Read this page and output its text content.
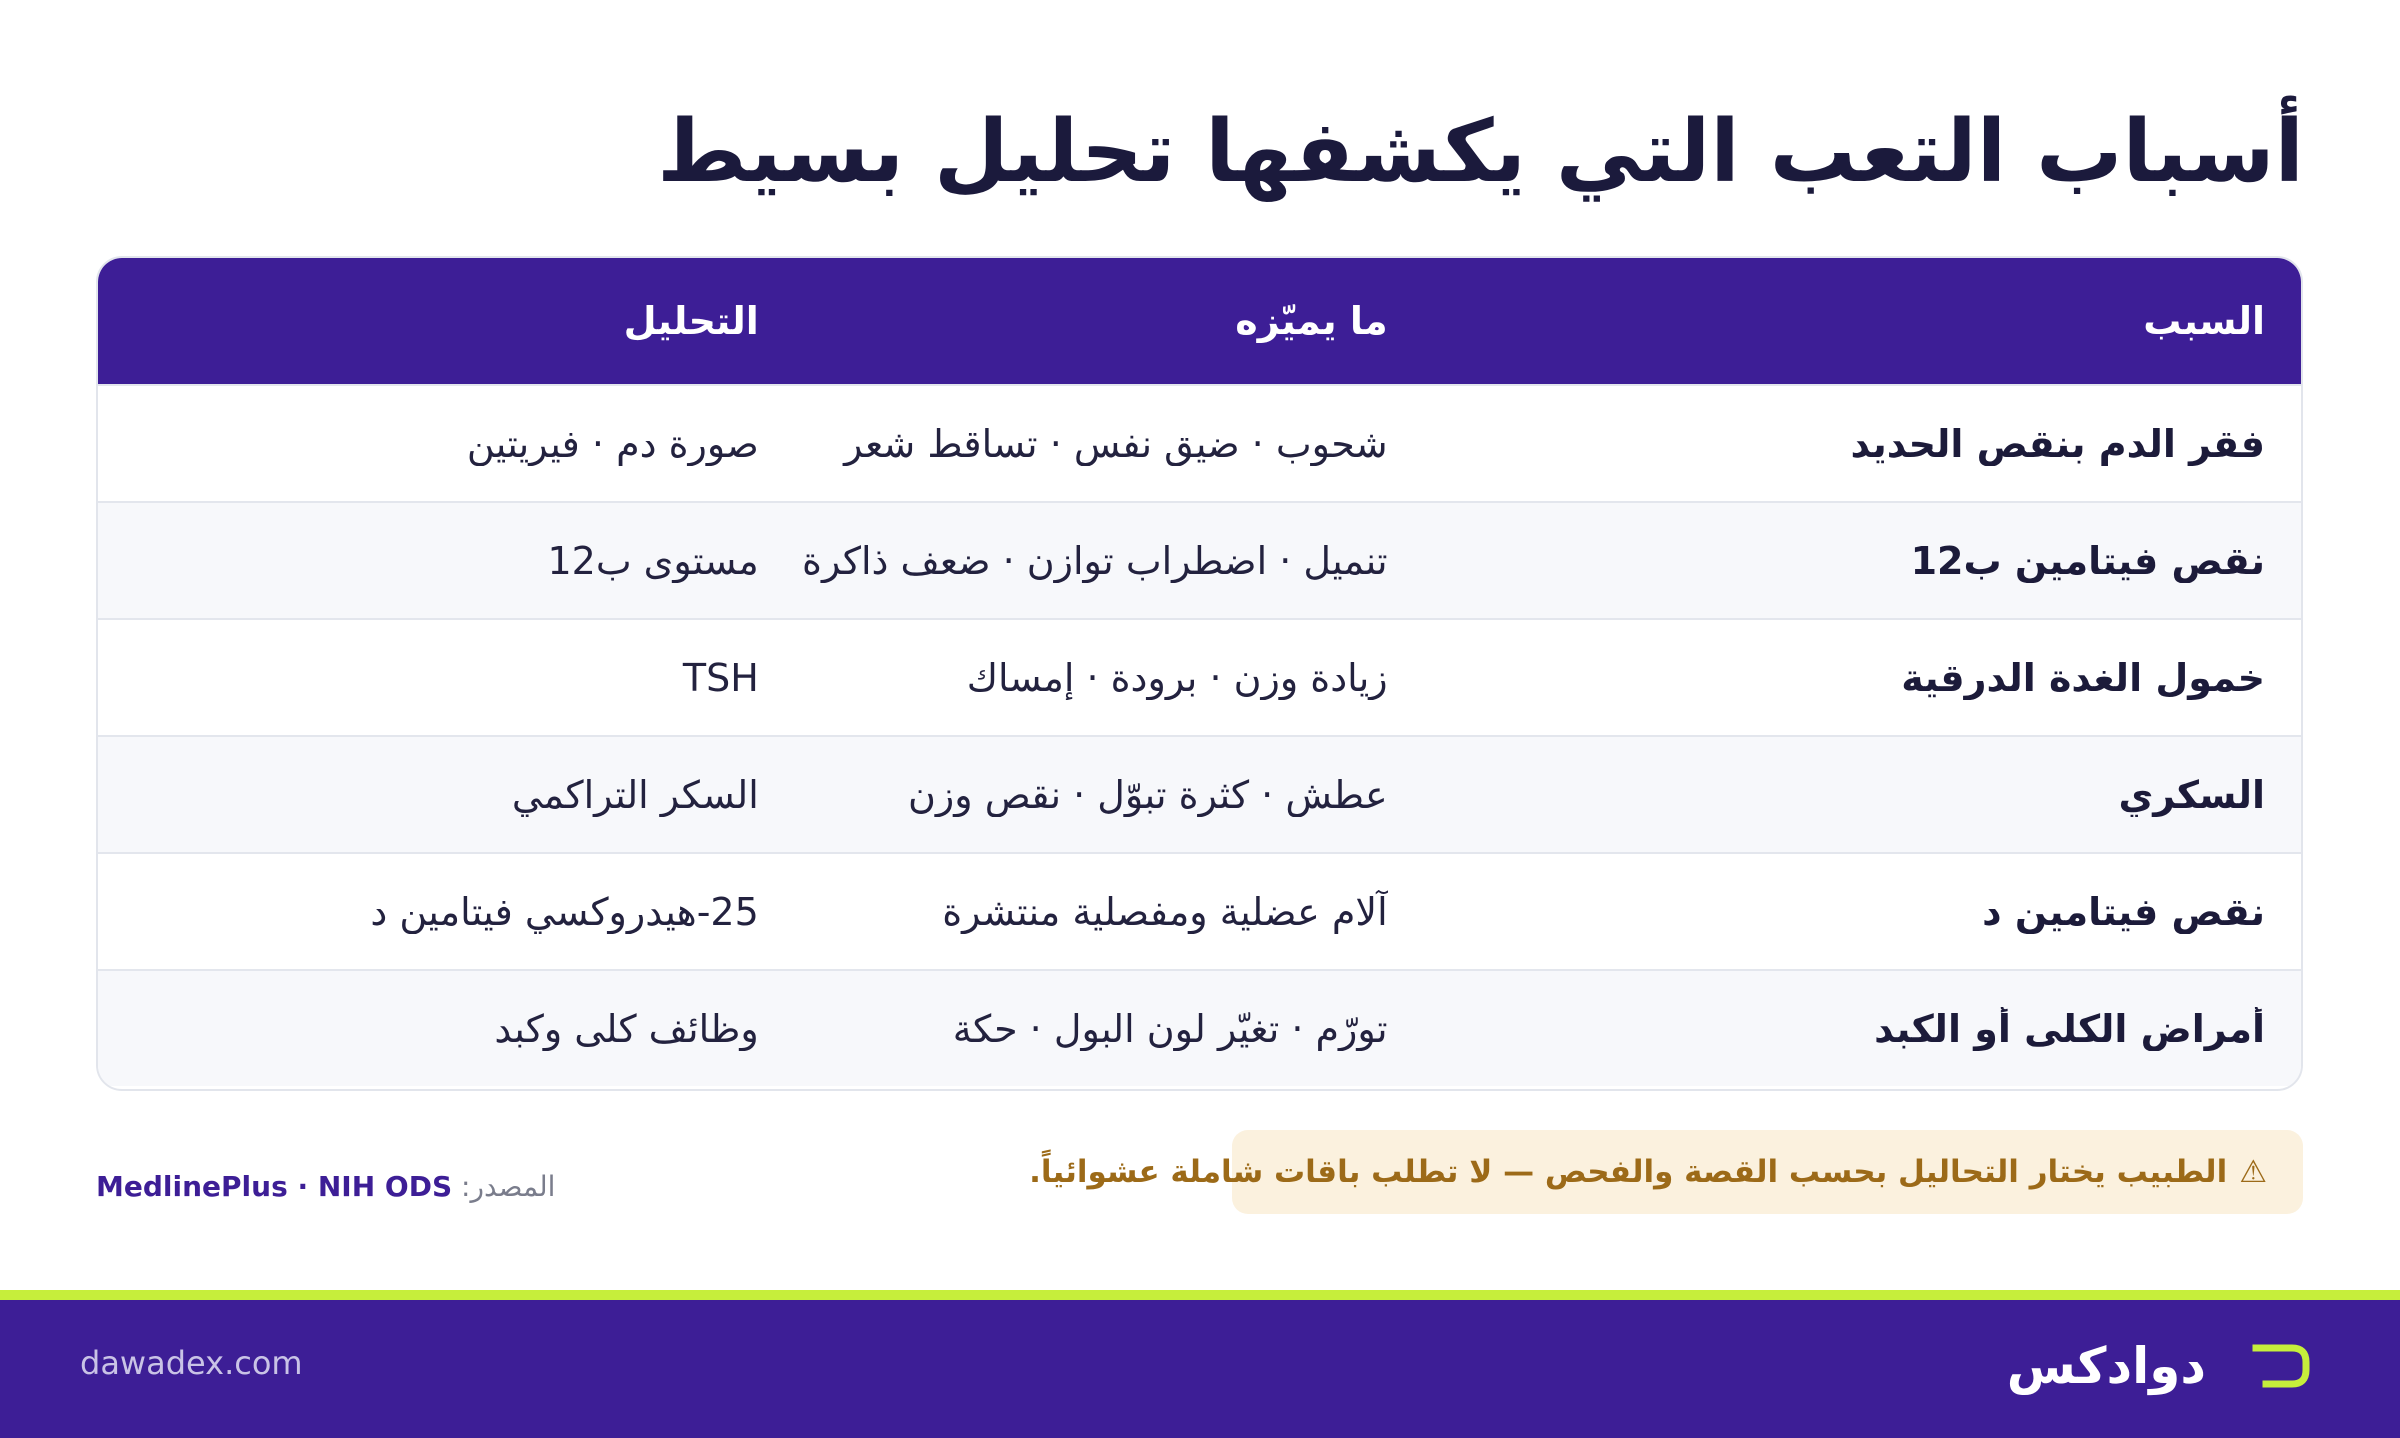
أسباب التعب التي يكشفها تحليل بسيط
السبب
ما يميّزه
التحليل
فقر الدم بنقص الحديد
شحوب · ضيق نفس · تساقط شعر
صورة دم · فيريتين
نقص فيتامين ب12
تنميل · اضطراب توازن · ضعف ذاكرة
مستوى ب12
خمول الغدة الدرقية
زيادة وزن · برودة · إمساك
TSH
السكري
عطش · كثرة تبوّل · نقص وزن
السكر التراكمي
نقص فيتامين د
آلام عضلية ومفصلية منتشرة
25-هيدروكسي فيتامين د
أمراض الكلى أو الكبد
تورّم · تغيّر لون البول · حكة
وظائف كلى وكبد
⚠
الطبيب يختار التحاليل بحسب القصة والفحص — لا تطلب باقات شاملة عشوائياً.
المصدر: MedlinePlus · NIH ODS
دوادكس
dawadex.com
